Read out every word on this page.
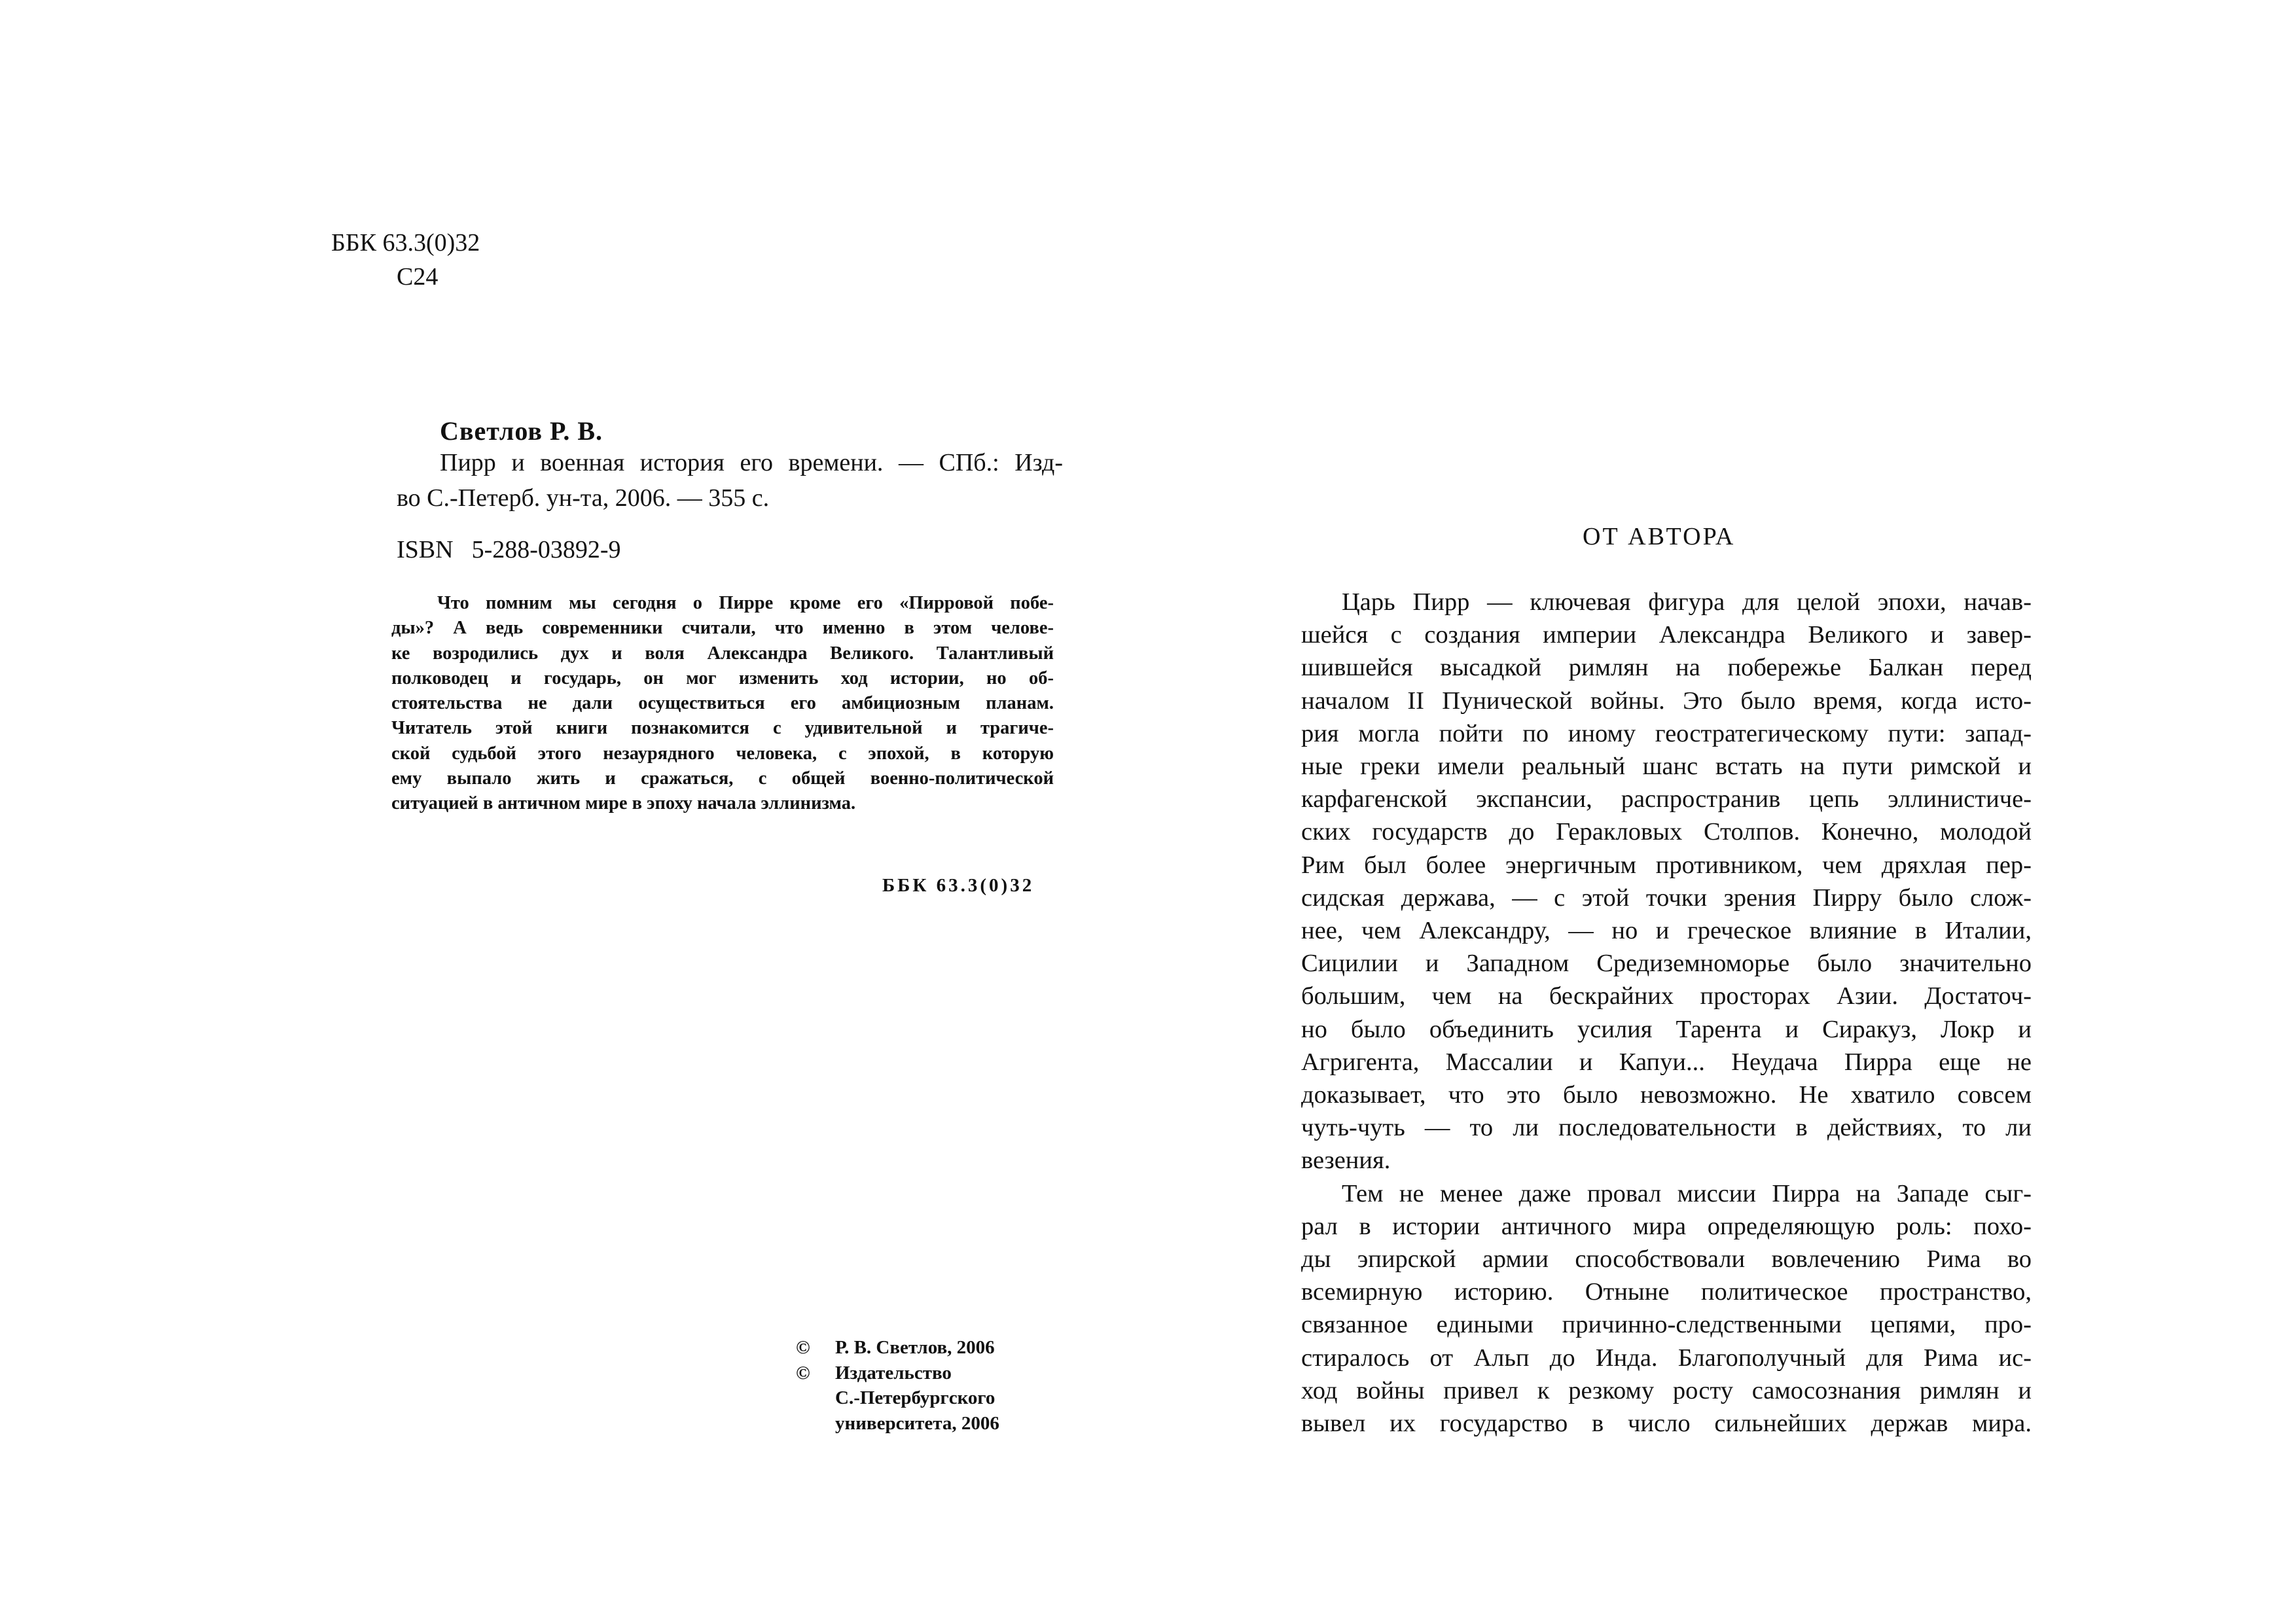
ББК 63.3(0)32
С24
Светлов Р. В.
Пирр и военная история его времени. — СПб.: Изд-
во С.-Петерб. ун-та, 2006. — 355 с.
ISBN 5-288-03892-9
Что помним мы сегодня о Пирре кроме его «Пирровой побе-
ды»? А ведь современники считали, что именно в этом челове-
ке возродились дух и воля Александра Великого. Талантливый
полководец и государь, он мог изменить ход истории, но об-
стоятельства не дали осуществиться его амбициозным планам.
Читатель этой книги познакомится с удивительной и трагиче-
ской судьбой этого незаурядного человека, с эпохой, в которую
ему выпало жить и сражаться, с общей военно-политической
ситуацией в античном мире в эпоху начала эллинизма.
ББК 63.3(0)32
©	Р. В. Светлов, 2006
©	Издательство
С.-Петербургского
университета, 2006
ОТ АВТОРА
Царь Пирр — ключевая фигура для целой эпохи, начав-
шейся с создания империи Александра Великого и завер-
шившейся высадкой римлян на побережье Балкан перед
началом II Пунической войны. Это было время, когда исто-
рия могла пойти по иному геостратегическому пути: запад-
ные греки имели реальный шанс встать на пути римской и
карфагенской экспансии, распространив цепь эллинистиче-
ских государств до Геракловых Столпов. Конечно, молодой
Рим был более энергичным противником, чем дряхлая пер-
сидская держава, — с этой точки зрения Пирру было слож-
нее, чем Александру, — но и греческое влияние в Италии,
Сицилии и Западном Средиземноморье было значительно
большим, чем на бескрайних просторах Азии. Достаточ-
но было объединить усилия Тарента и Сиракуз, Локр и
Агригента, Массалии и Капуи... Неудача Пирра еще не
доказывает, что это было невозможно. Не хватило совсем
чуть-чуть — то ли последовательности в действиях, то ли
везения.
Тем не менее даже провал миссии Пирра на Западе сыг-
рал в истории античного мира определяющую роль: похо-
ды эпирской армии способствовали вовлечению Рима во
всемирную историю. Отныне политическое пространство,
связанное едиными причинно-следственными цепями, про-
стиралось от Альп до Инда. Благополучный для Рима ис-
ход войны привел к резкому росту самосознания римлян и
вывел их государство в число сильнейших держав мира.
